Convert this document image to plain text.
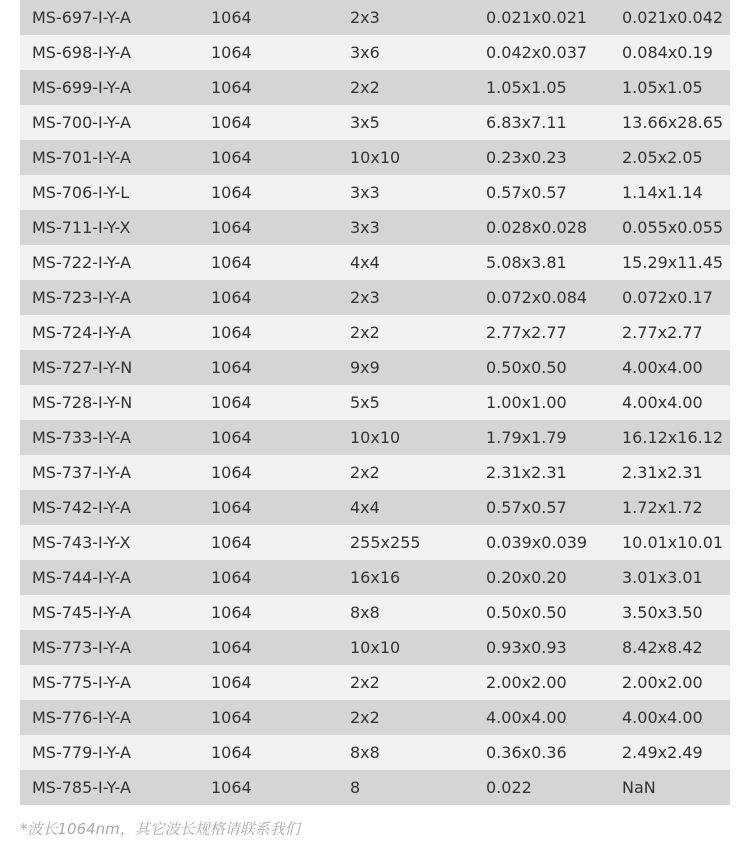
MS-697-I-Y-A	1064	2x3	0.021x0.021	0.021x0.042
MS-698-I-Y-A	1064	3x6	0.042x0.037	0.084x0.19
MS-699-I-Y-A	1064	2x2	1.05x1.05	1.05x1.05
MS-700-I-Y-A	1064	3x5	6.83x7.11	13.66x28.65
MS-701-I-Y-A	1064	10x10	0.23x0.23	2.05x2.05
MS-706-I-Y-L	1064	3x3	0.57x0.57	1.14x1.14
MS-711-I-Y-X	1064	3x3	0.028x0.028	0.055x0.055
MS-722-I-Y-A	1064	4x4	5.08x3.81	15.29x11.45
MS-723-I-Y-A	1064	2x3	0.072x0.084	0.072x0.17
MS-724-I-Y-A	1064	2x2	2.77x2.77	2.77x2.77
MS-727-I-Y-N	1064	9x9	0.50x0.50	4.00x4.00
MS-728-I-Y-N	1064	5x5	1.00x1.00	4.00x4.00
MS-733-I-Y-A	1064	10x10	1.79x1.79	16.12x16.12
MS-737-I-Y-A	1064	2x2	2.31x2.31	2.31x2.31
MS-742-I-Y-A	1064	4x4	0.57x0.57	1.72x1.72
MS-743-I-Y-X	1064	255x255	0.039x0.039	10.01x10.01
MS-744-I-Y-A	1064	16x16	0.20x0.20	3.01x3.01
MS-745-I-Y-A	1064	8x8	0.50x0.50	3.50x3.50
MS-773-I-Y-A	1064	10x10	0.93x0.93	8.42x8.42
MS-775-I-Y-A	1064	2x2	2.00x2.00	2.00x2.00
MS-776-I-Y-A	1064	2x2	4.00x4.00	4.00x4.00
MS-779-I-Y-A	1064	8x8	0.36x0.36	2.49x2.49
MS-785-I-Y-A	1064	8	0.022	NaN
*波长1064nm，其它波长规格请联系我们
